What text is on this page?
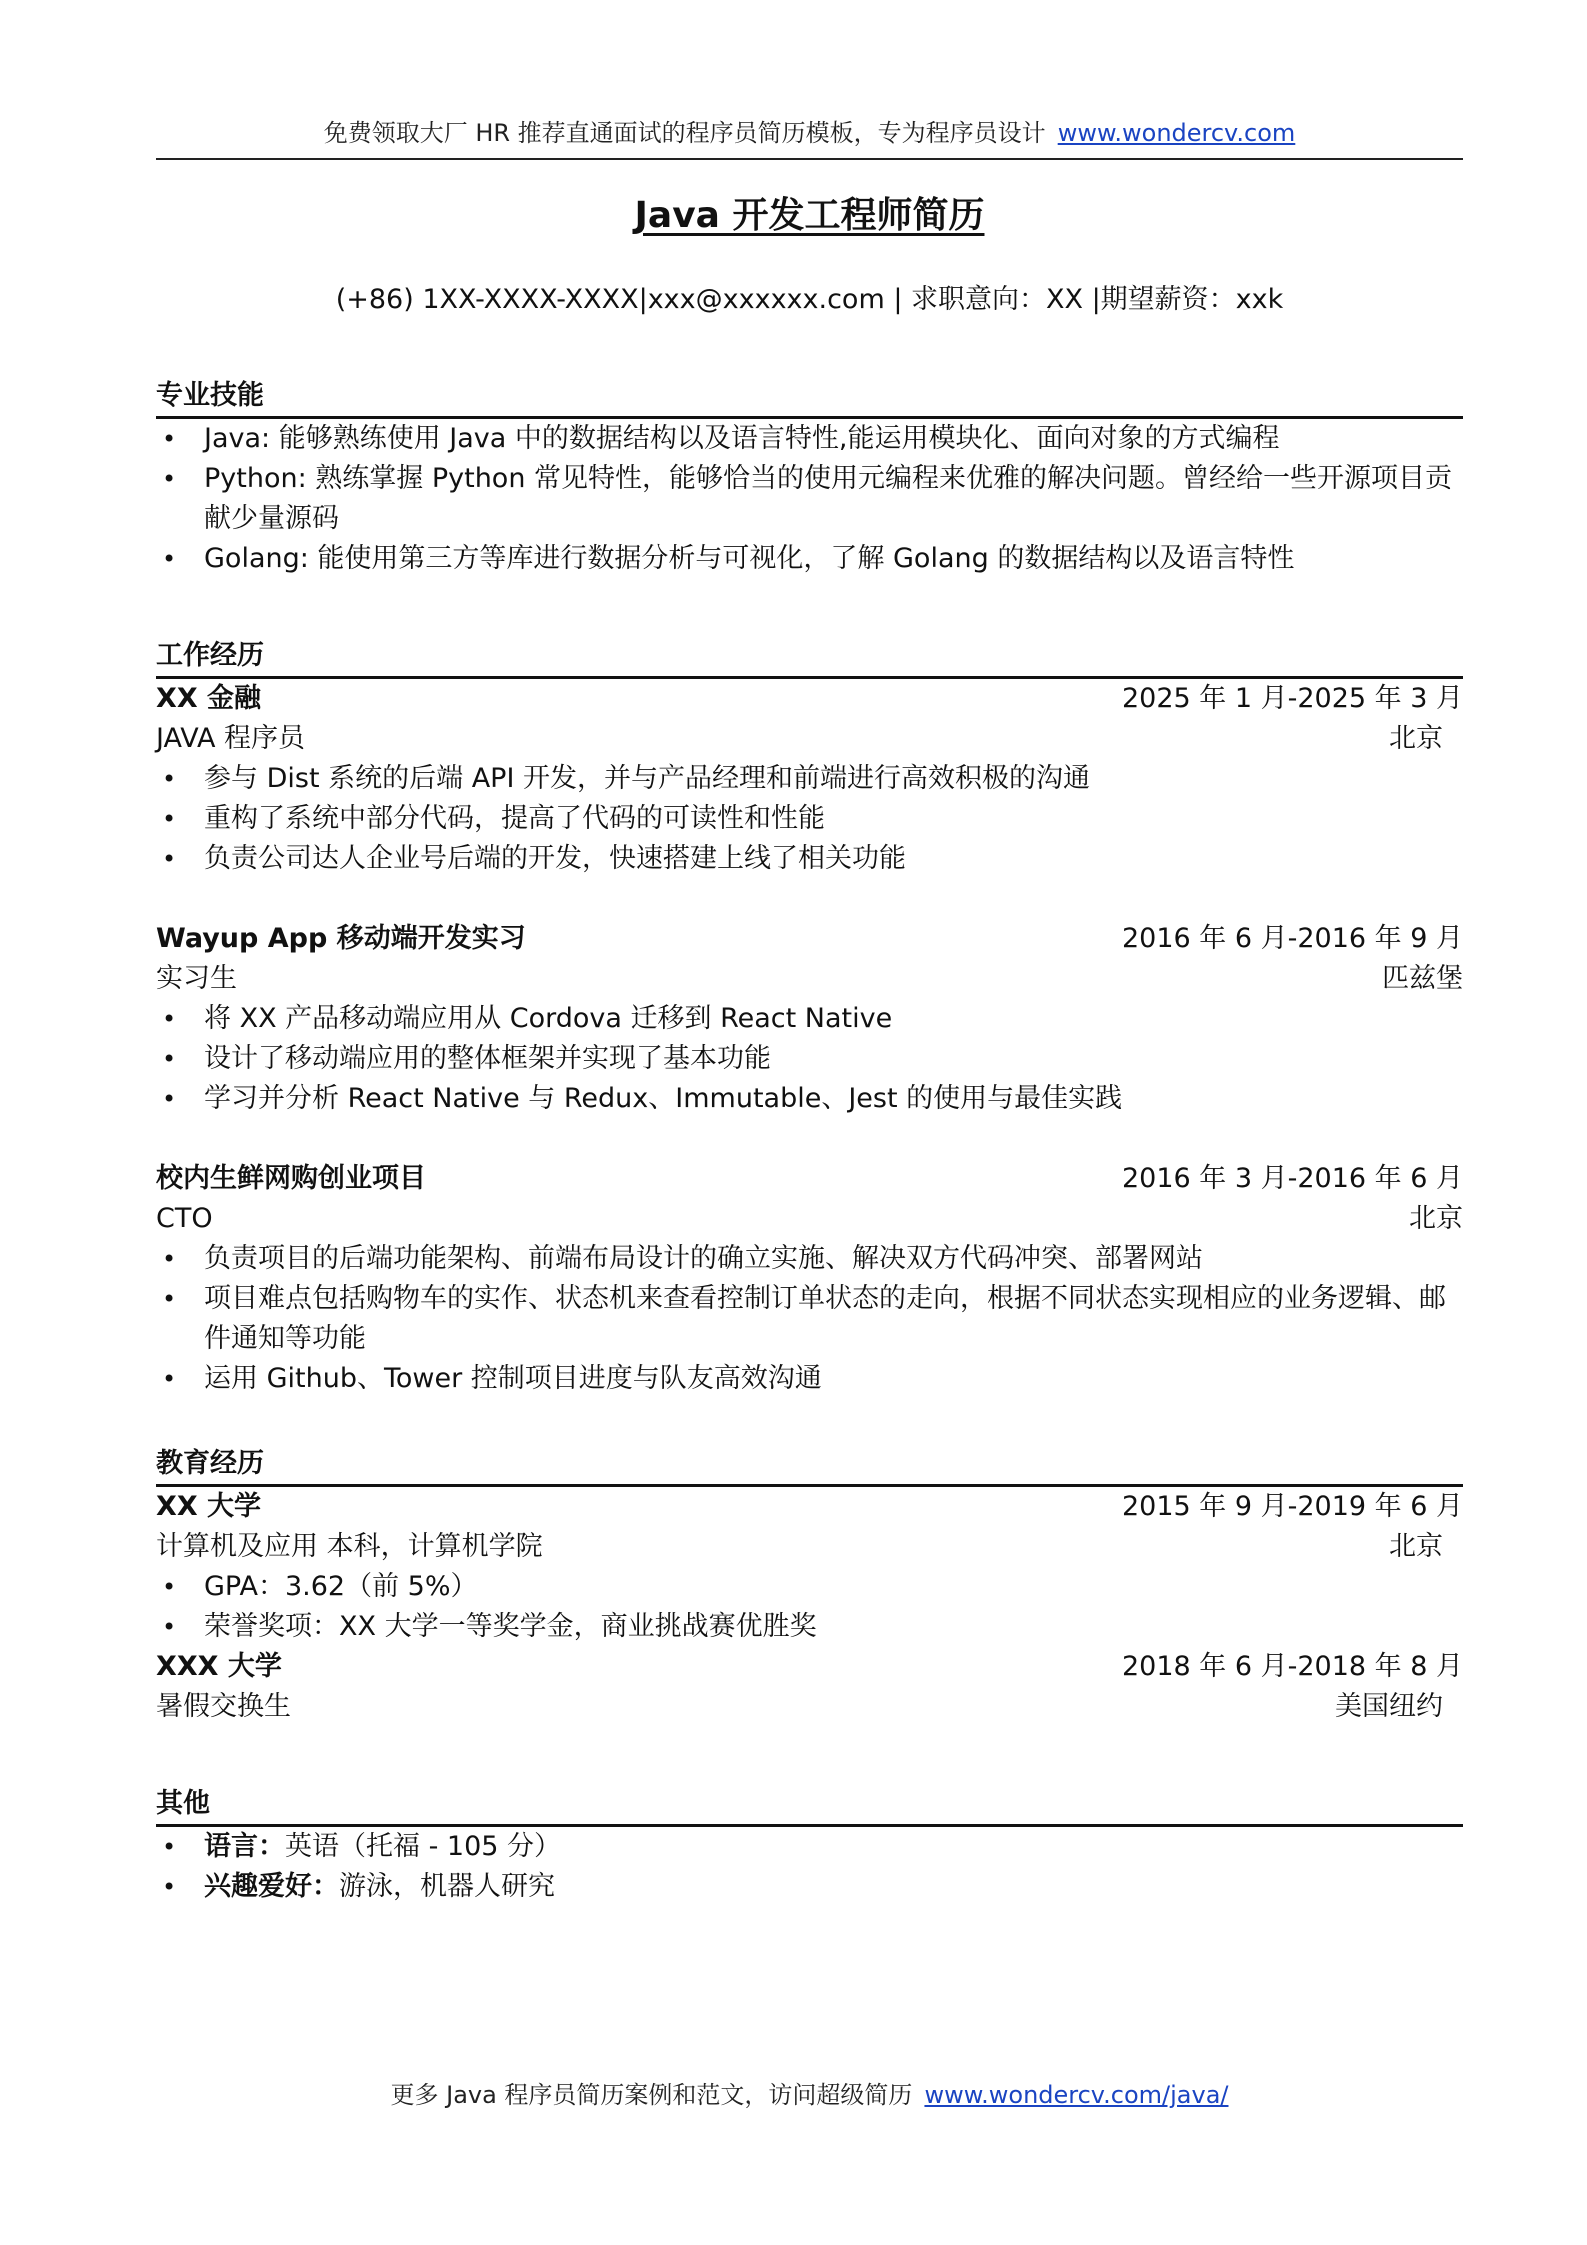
免费领取大厂 HR 推荐直通面试的程序员简历模板，专为程序员设计 www.wondercv.com
Java 开发工程师简历
(+86) 1XX-XXXX-XXXX|xxx@xxxxxx.com | 求职意向：XX |期望薪资：xxk
专业技能
• Java: 能够熟练使用 Java 中的数据结构以及语言特性,能运用模块化、面向对象的方式编程
• Python: 熟练掌握 Python 常见特性，能够恰当的使用元编程来优雅的解决问题。曾经给一些开源项目贡献少量源码
• Golang: 能使用第三方等库进行数据分析与可视化，了解 Golang 的数据结构以及语言特性
工作经历
XX 金融	2025 年 1 月-2025 年 3 月
JAVA 程序员	北京
• 参与 Dist 系统的后端 API 开发，并与产品经理和前端进行高效积极的沟通
• 重构了系统中部分代码，提高了代码的可读性和性能
• 负责公司达人企业号后端的开发，快速搭建上线了相关功能
Wayup App 移动端开发实习	2016 年 6 月-2016 年 9 月
实习生	匹兹堡
• 将 XX 产品移动端应用从 Cordova 迁移到 React Native
• 设计了移动端应用的整体框架并实现了基本功能
• 学习并分析 React Native 与 Redux、Immutable、Jest 的使用与最佳实践
校内生鲜网购创业项目	2016 年 3 月-2016 年 6 月
CTO	北京
• 负责项目的后端功能架构、前端布局设计的确立实施、解决双方代码冲突、部署网站
• 项目难点包括购物车的实作、状态机来查看控制订单状态的走向，根据不同状态实现相应的业务逻辑、邮件通知等功能
• 运用 Github、Tower 控制项目进度与队友高效沟通
教育经历
XX 大学	2015 年 9 月-2019 年 6 月
计算机及应用 本科，计算机学院	北京
• GPA：3.62（前 5%）
• 荣誉奖项：XX 大学一等奖学金，商业挑战赛优胜奖
XXX 大学	2018 年 6 月-2018 年 8 月
暑假交换生	美国纽约
其他
• 语言：英语（托福 - 105 分）
• 兴趣爱好：游泳，机器人研究
更多 Java 程序员简历案例和范文，访问超级简历 www.wondercv.com/java/
